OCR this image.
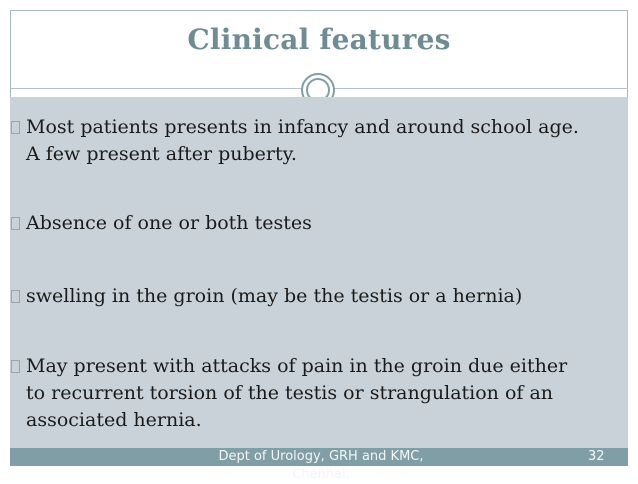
Clinical features
Most patients presents in infancy and around school age.
A few present after puberty.
Absence of one or both testes
swelling in the groin (may be the testis or a hernia)
May present with attacks of pain in the groin due either
to recurrent torsion of the testis or strangulation of an
associated hernia.
Dept of Urology, GRH and KMC,
Chennai.
32
